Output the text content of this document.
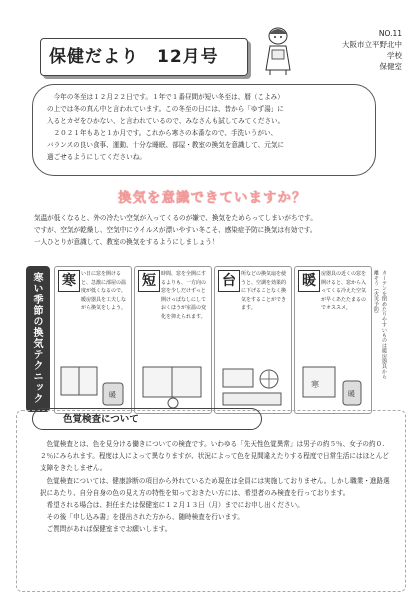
保健だより　12月号
NO.11
大阪市立平野北中学校
保健室

今年の冬至は１２月２２日です。１年で１番昼間が短い冬至は、暦（こよみ）

の上では冬の真ん中と言われています。この冬至の日には、昔から「ゆず湯」に

入るとカゼをひかない、と言われているので、みなさんも試してみてください。

　２０２１年もあと１か月です。これから寒さの本番なので、手洗いうがい、

バランスの良い食事、運動、十分な睡眠、部屋・教室の換気を意識して、元気に

過ごせるようにしてくださいね。

換気を意識できていますか？

気温が低くなると、外の冷たい空気が入ってくるのが嫌で、換気をためらってしまいがちです。

ですが、空気が乾燥し、空気中にウイルスが漂いやすい冬こそ、感染症予防に換気は有効です。

一人ひとりが意識して、教室の換気をするようにしましょう！

寒い季節の換気テクニック 寒	い日に窓を開けると、急激に部屋の温度が低くなるので、暖房器具を工夫しながら換気をしよう。
暖
短	時間、窓を全開にするよりも、一方向の窓を少しだけずっと開けっぱなしにしておくほうが室温の変化を抑えられます。
台	所などの換気扇を使うと、空調を効果的に下げることなく換気をすることができます。
暖	房器具の近くの窓を開けると、窓から入ってくる冷えた空気が早くあたたまるのでオススメ。
寒
暖
カーテンを閉めたりやすいものは暖房器具から離そう（火災予防）
色覚検査について

色覚検査とは、色を見分ける働きについての検査です。いわゆる「先天性色覚異常」は男子の約５％、女子の約０.２％にみられます。程度は人によって異なりますが、状況によって色を見間違えたりする程度で日常生活にはほとんど支障をきたしません。

色覚検査については、健康診断の項目から外れているため現在は全員には実施しておりません。しかし職業・進路選択にあたり、自分自身の色の見え方の特性を知っておきたい方には、希望者のみ検査を行っております。

希望される場合は、担任または保健室に１２月１３日（月）までにお申し出ください。

その後「申し込み書」を提出された方から、随時検査を行います。

ご質問があれば保健室までお願いします。
